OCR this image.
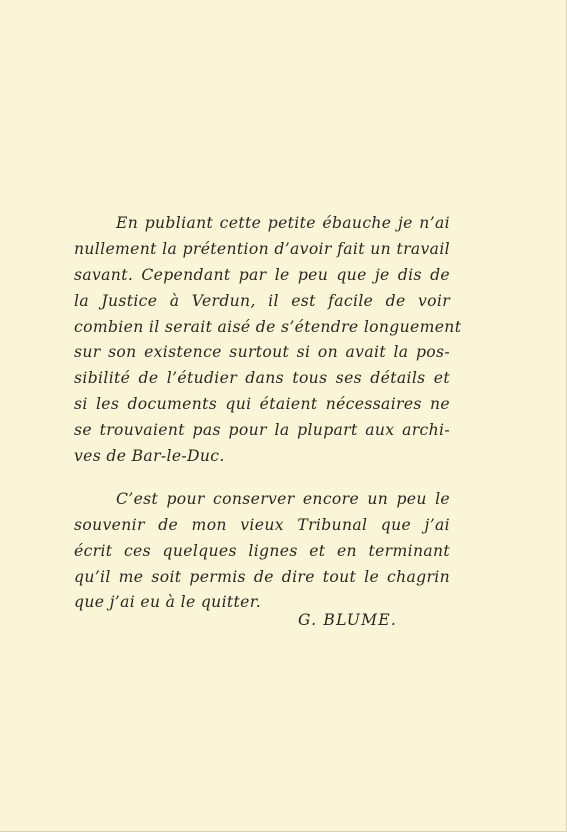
En publiant cette petite ébauche je n’ai
nullement la prétention d’avoir fait un travail
savant. Cependant par le peu que je dis de
la Justice à Verdun, il est facile de voir
combien il serait aisé de s’étendre longuement
sur son existence surtout si on avait la pos-
sibilité de l’étudier dans tous ses détails et
si les documents qui étaient nécessaires ne
se trouvaient pas pour la plupart aux archi-
ves de Bar-le-Duc.
C’est pour conserver encore un peu le
souvenir de mon vieux Tribunal que j’ai
écrit ces quelques lignes et en terminant
qu’il me soit permis de dire tout le chagrin
que j’ai eu à le quitter.
G. BLUME.
